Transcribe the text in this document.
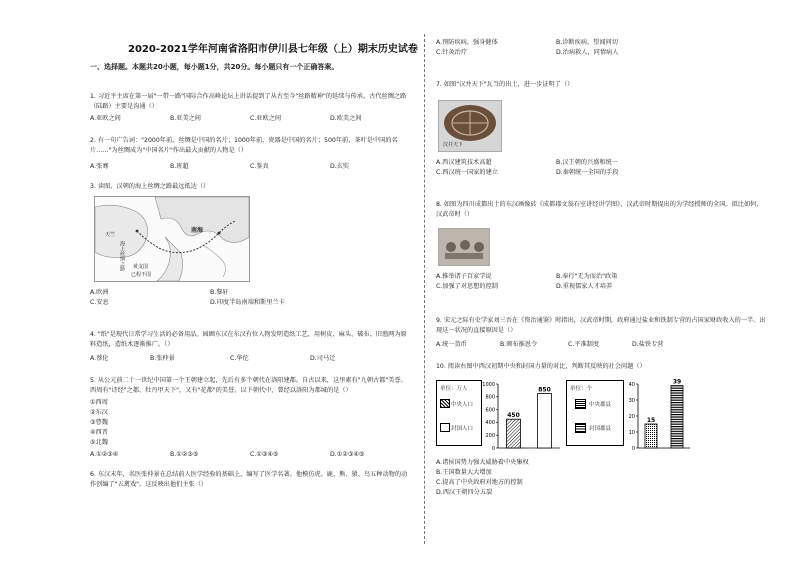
2020-2021学年河南省洛阳市伊川县七年级（上）期末历史试卷
一、选择题。本题共20小题，每小题1分，共20分。每小题只有一个正确答案。
1. 习近平主席在第一届"一带一路"国际合作高峰论坛上讲话提到了从古至今"丝路精神"的延续与传承。古代丝绸之路（陆路）主要是沟通（）
A.亚欧之间	B.亚美之间	C.亚欧之间	D.欧美之间
2. 有一句广告词："2000年前，丝绸是中国的名片；1000年前，瓷器是中国的名片；500年前，茶叶是中国的名片……"为丝绸成为"中国名片"作出最大贡献的人物是（）
A.张骞	B.班超	C.鉴真	D.玄奘
3. 读图，汉朝的海上丝绸之路最远抵达（）
天竺
海上丝绸之路 黄支国
已程不国
南海
A.欧洲	B.黎轩
C.安息	D.印度半岛南端和斯里兰卡
4. "纸"是现代日常学习生活的必备用品。园圃东汉在东汉有位人物发明造纸工艺，用树皮、麻头、破布、旧渔网为原料造纸，造纸术逐渐推广。（）
A.蔡伦	B.张仲景	C.华佗	D.司马迁
5. 从公元前二十一世纪中国第一个王朝建立起，先后有多个朝代在洛阳建都。自古以来，这里素有"九朝古都"美誉。西周有"诗经"之都、牡丹甲天下"，又有"花都"的美誉。以下朝代中，曾经以洛阳为都城的是（）
①西周
②东汉
③曹魏
④西晋
⑤北魏
A.①②③④	B.①②③⑤	C.①③④⑤	D.①②③④⑤
6. 东汉末年，名医张仲景在总结前人医学经验的基础上，编写了医学名著。他模仿虎、鹿、熊、猿、鸟五种动物的动作创编了"五禽戏"。这反映出他们主张（）
A.预防疾病，强身健体	B.诊断疾病，望闻问切
C.针灸治疗	D.治病救人，同情病人
7. 如图"汉并天下"瓦当的出土，进一步证明了（）
汉并天下
A.西汉建筑技术高超	B.汉王朝的兴盛和统一
C.西汉统一国家的建立	D.秦朝统一全国的手段
8. 如图为四川成都出土的东汉画像砖《成都郡文翁石室讲经讲学图》，汉武帝时期提出的为学经授师的全国。拟比如何，汉武帝时（）
A.推举诸子百家学说	B.奉行"无为而治"政策
C.加强了对思想的控制	D.重视儒家人才培养
9. 宋元之际有史学家刘三吾在《资治通鉴》时指出，汉武帝时期，政府通过盐业和铁制专营的占国家财政收入的一半。出现这一状况的直接原因是（）
A.统一货币	B.颁布推恩令	C.平准制度	D.盐铁专营
10. 阅读右图中西汉初期中央和封国力量的对比，判断其反映的社会问题（）
单位：万人
中央人口
封国人口
0
200
400
600
800
1000
450
850	单位：个
中央郡县
封国郡县
0
10
20
30
40
15
39
A.诸侯国势力强大威胁着中央集权
B.王国数量大大增加
C.提高了中央政府对地方的控制
D.西汉王朝四分五裂
